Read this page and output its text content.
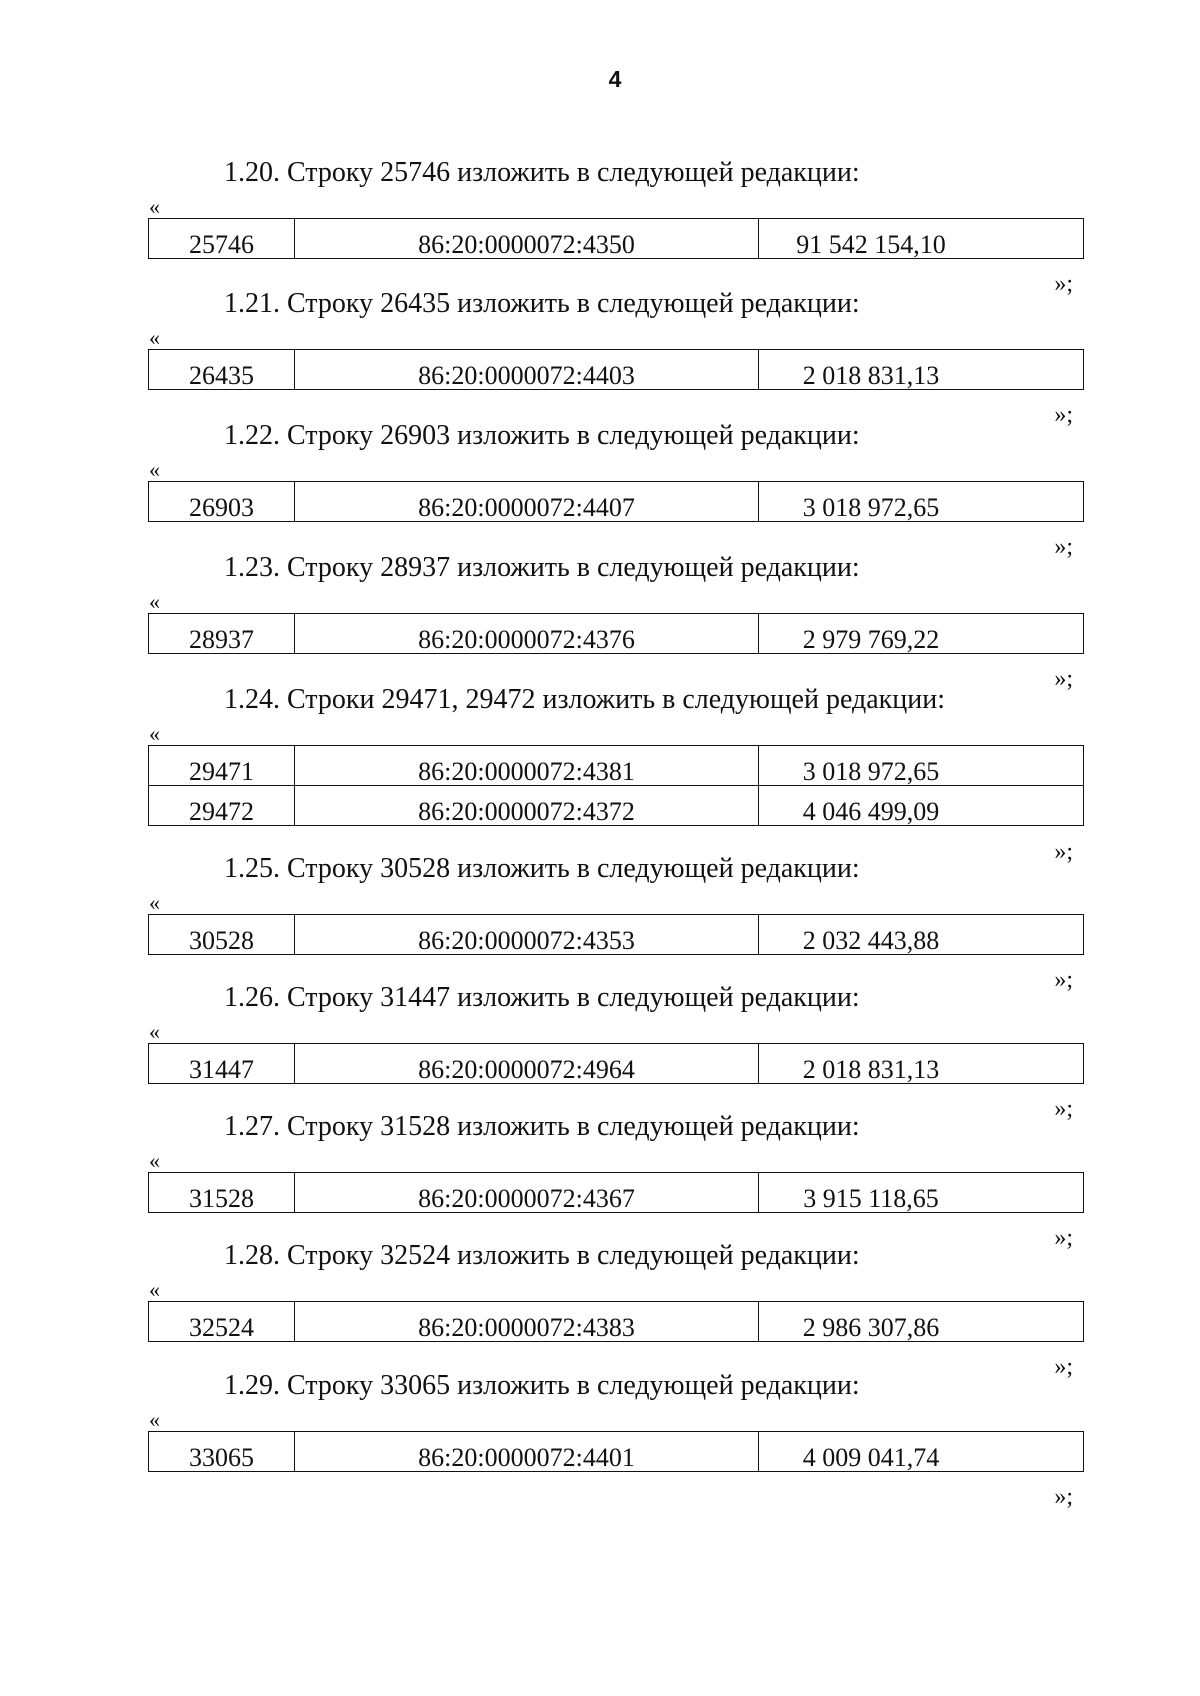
4
1.20. Строку 25746 изложить в следующей редакции:
«
25746	86:20:0000072:4350	91 542 154,10
»;
1.21. Строку 26435 изложить в следующей редакции:
«
26435	86:20:0000072:4403	2 018 831,13
»;
1.22. Строку 26903 изложить в следующей редакции:
«
26903	86:20:0000072:4407	3 018 972,65
»;
1.23. Строку 28937 изложить в следующей редакции:
«
28937	86:20:0000072:4376	2 979 769,22
»;
1.24. Строки 29471, 29472 изложить в следующей редакции:
«
29471	86:20:0000072:4381	3 018 972,65
29472	86:20:0000072:4372	4 046 499,09
»;
1.25. Строку 30528 изложить в следующей редакции:
«
30528	86:20:0000072:4353	2 032 443,88
»;
1.26. Строку 31447 изложить в следующей редакции:
«
31447	86:20:0000072:4964	2 018 831,13
»;
1.27. Строку 31528 изложить в следующей редакции:
«
31528	86:20:0000072:4367	3 915 118,65
»;
1.28. Строку 32524 изложить в следующей редакции:
«
32524	86:20:0000072:4383	2 986 307,86
»;
1.29. Строку 33065 изложить в следующей редакции:
«
33065	86:20:0000072:4401	4 009 041,74
»;
